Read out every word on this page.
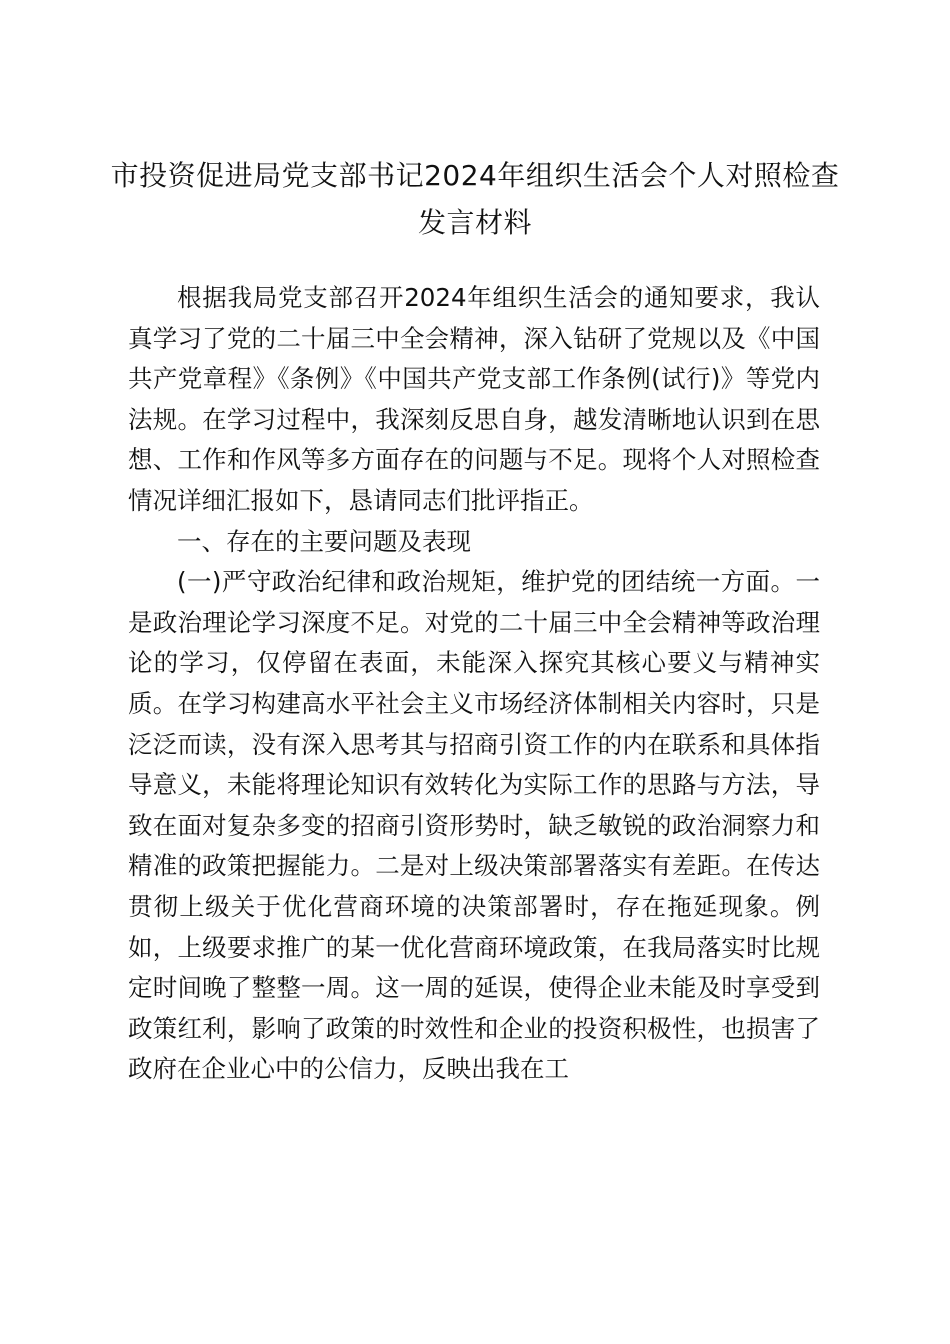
市投资促进局党支部书记2024年组织生活会个人对照检查发言材料

根据我局党支部召开2024年组织生活会的通知要求，我认真学习了党的二十届三中全会精神，深入钻研了党规以及《中国共产党章程》《条例》《中国共产党支部工作条例(试行)》等党内法规。在学习过程中，我深刻反思自身，越发清晰地认识到在思想、工作和作风等多方面存在的问题与不足。现将个人对照检查情况详细汇报如下，恳请同志们批评指正。

一、存在的主要问题及表现

(一)严守政治纪律和政治规矩，维护党的团结统一方面。一是政治理论学习深度不足。对党的二十届三中全会精神等政治理论的学习，仅停留在表面，未能深入探究其核心要义与精神实质。在学习构建高水平社会主义市场经济体制相关内容时，只是泛泛而读，没有深入思考其与招商引资工作的内在联系和具体指导意义，未能将理论知识有效转化为实际工作的思路与方法，导致在面对复杂多变的招商引资形势时，缺乏敏锐的政治洞察力和精准的政策把握能力。二是对上级决策部署落实有差距。在传达贯彻上级关于优化营商环境的决策部署时，存在拖延现象。例如，上级要求推广的某一优化营商环境政策，在我局落实时比规定时间晚了整整一周。这一周的延误，使得企业未能及时享受到政策红利，影响了政策的时效性和企业的投资积极性，也损害了政府在企业心中的公信力，反映出我在工
